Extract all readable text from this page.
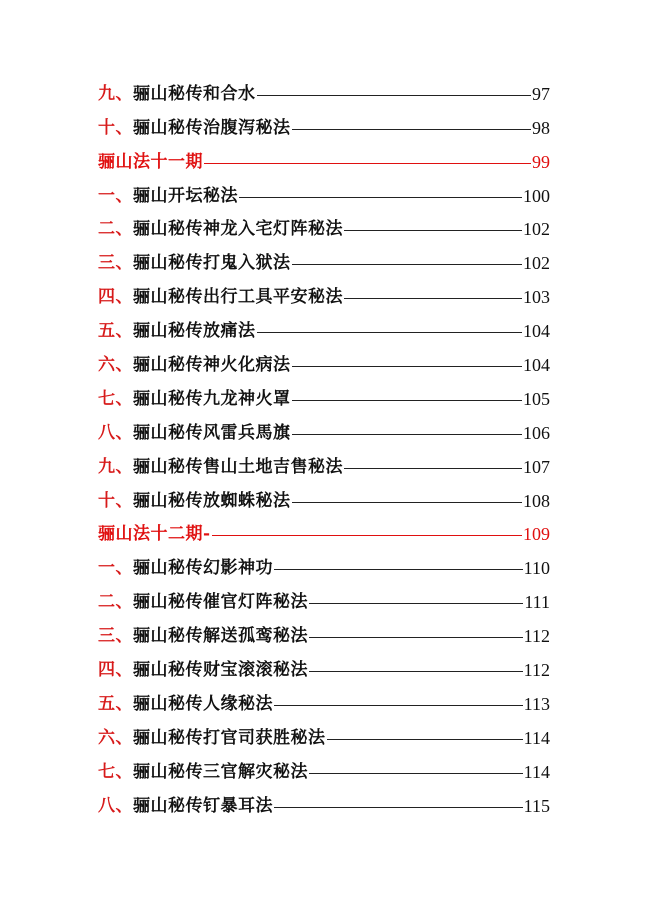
九、骊山秘传和合水	97
十、骊山秘传治腹泻秘法	98
骊山法十一期	99
一、骊山开坛秘法	100
二、骊山秘传神龙入宅灯阵秘法	102
三、骊山秘传打鬼入狱法	102
四、骊山秘传出行工具平安秘法	103
五、骊山秘传放痛法	104
六、骊山秘传神火化病法	104
七、骊山秘传九龙神火罩	105
八、骊山秘传风雷兵馬旗	106
九、骊山秘传售山土地吉售秘法	107
十、骊山秘传放蜘蛛秘法	108
骊山法十二期-	109
一、骊山秘传幻影神功	110
二、骊山秘传催官灯阵秘法	111
三、骊山秘传解送孤鸾秘法	112
四、骊山秘传财宝滚滚秘法	112
五、骊山秘传人缘秘法	113
六、骊山秘传打官司获胜秘法	114
七、骊山秘传三官解灾秘法	114
八、骊山秘传钉暴耳法	115
